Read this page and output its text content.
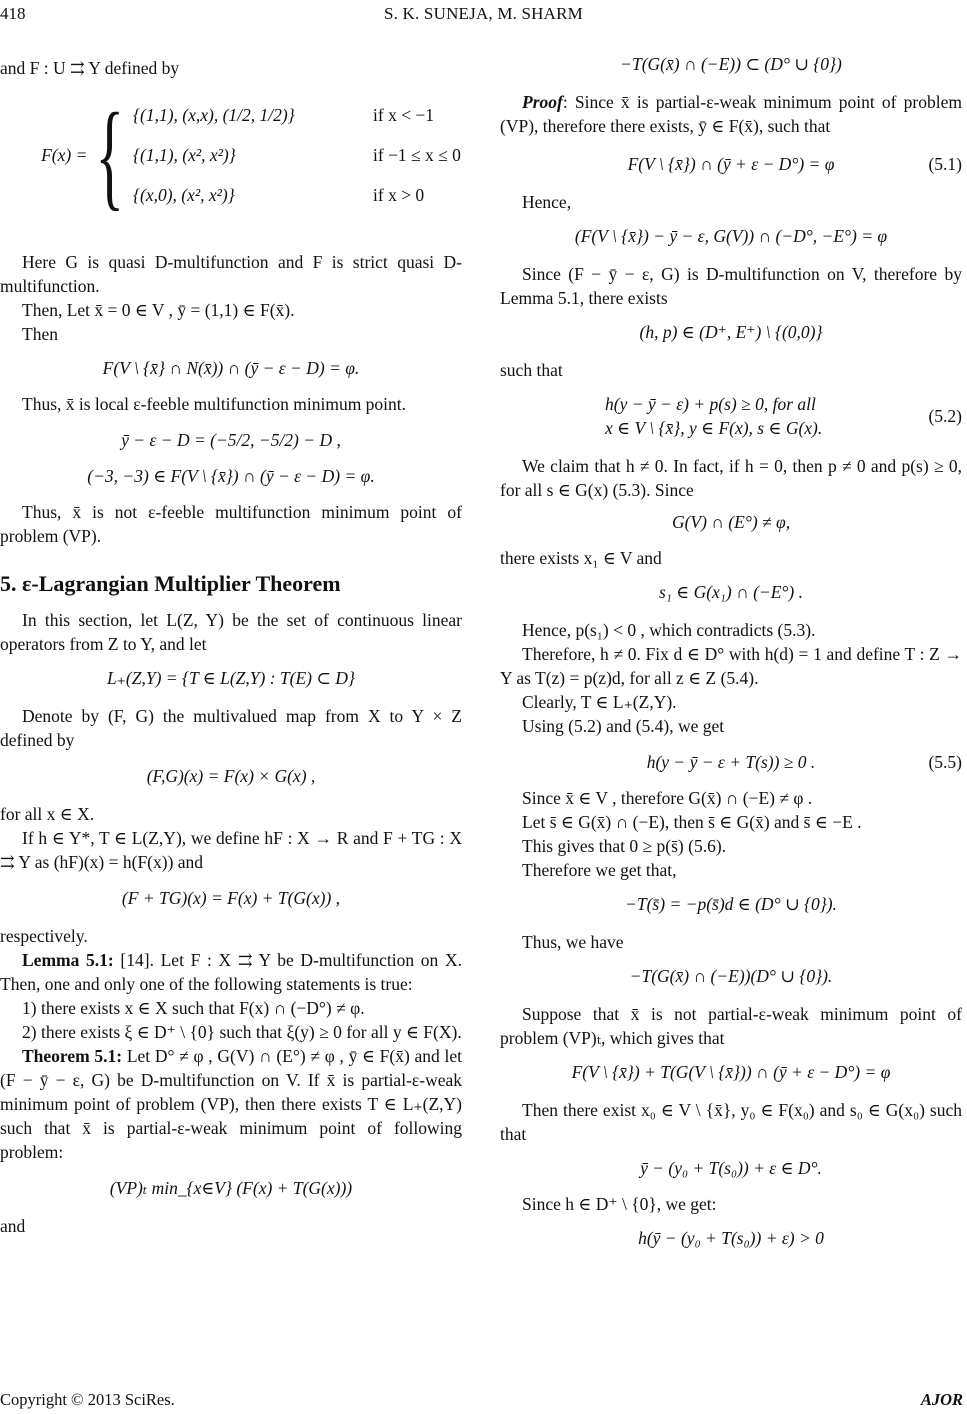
418	S. K. SUNEJA, M. SHARM

and F : U ⇉ Y defined by

F(x) = { {(1,1), (x,x), (1/2, 1/2)}	if x < −1
{(1,1), (x², x²)}	if −1 ≤ x ≤ 0
{(x,0), (x², x²)}	if x > 0

Here G is quasi D-multifunction and F is strict quasi D-multifunction.

Then, Let x̄ = 0 ∈ V , ȳ = (1,1) ∈ F(x̄).

Then

F(V \ {x̄} ∩ N(x̄)) ∩ (ȳ − ε − D) = φ.

Thus, x̄ is local ε-feeble multifunction minimum point.

ȳ − ε − D = (−5/2, −5/2) − D ,

(−3, −3) ∈ F(V \ {x̄}) ∩ (ȳ − ε − D) = φ.

Thus, x̄ is not ε-feeble multifunction minimum point of problem (VP).

5. ε-Lagrangian Multiplier Theorem

In this section, let L(Z, Y) be the set of continuous linear operators from Z to Y, and let

L₊(Z,Y) = {T ∈ L(Z,Y) : T(E) ⊂ D}

Denote by (F, G) the multivalued map from X to Y × Z defined by

(F,G)(x) = F(x) × G(x) ,

for all x ∈ X.

If h ∈ Y*, T ∈ L(Z,Y), we define hF : X → R and F + TG : X ⇉ Y as (hF)(x) = h(F(x)) and

(F + TG)(x) = F(x) + T(G(x)) ,

respectively.

Lemma 5.1: [14]. Let F : X ⇉ Y be D-multifunction on X. Then, one and only one of the following statements is true:

1) there exists x ∈ X such that F(x) ∩ (−D°) ≠ φ.

2) there exists ξ ∈ D⁺ \ {0} such that ξ(y) ≥ 0 for all y ∈ F(X).

Theorem 5.1: Let D° ≠ φ , G(V) ∩ (E°) ≠ φ , ȳ ∈ F(x̄) and let (F − ȳ − ε, G) be D-multifunction on V. If x̄ is partial-ε-weak minimum point of problem (VP), then there exists T ∈ L₊(Z,Y) such that x̄ is partial-ε-weak minimum point of following problem:

(VP)ₜ min_{x∈V} (F(x) + T(G(x)))

and

−T(G(x̄) ∩ (−E)) ⊂ (D° ∪ {0})

Proof: Since x̄ is partial-ε-weak minimum point of problem (VP), therefore there exists, ȳ ∈ F(x̄), such that

F(V \ {x̄}) ∩ (ȳ + ε − D°) = φ	(5.1)

Hence,

(F(V \ {x̄}) − ȳ − ε, G(V)) ∩ (−D°, −E°) = φ

Since (F − ȳ − ε, G) is D-multifunction on V, therefore by Lemma 5.1, there exists

(h, p) ∈ (D⁺, E⁺) \ {(0,0)}

such that

h(y − ȳ − ε) + p(s) ≥ 0, for all
x ∈ V \ {x̄}, y ∈ F(x), s ∈ G(x).
(5.2)

We claim that h ≠ 0. In fact, if h = 0, then p ≠ 0 and p(s) ≥ 0, for all s ∈ G(x) (5.3). Since

G(V) ∩ (E°) ≠ φ,

there exists x₁ ∈ V and

s₁ ∈ G(x₁) ∩ (−E°) .

Hence, p(s₁) < 0 , which contradicts (5.3).

Therefore, h ≠ 0. Fix d ∈ D° with h(d) = 1 and define T : Z → Y as T(z) = p(z)d, for all z ∈ Z (5.4).

Clearly, T ∈ L₊(Z,Y).

Using (5.2) and (5.4), we get

h(y − ȳ − ε + T(s)) ≥ 0 .	(5.5)

Since x̄ ∈ V , therefore G(x̄) ∩ (−E) ≠ φ .

Let s̄ ∈ G(x̄) ∩ (−E), then s̄ ∈ G(x̄) and s̄ ∈ −E .

This gives that 0 ≥ p(s̄) (5.6).

Therefore we get that,

−T(s̄) = −p(s̄)d ∈ (D° ∪ {0}).

Thus, we have

−T(G(x̄) ∩ (−E))(D° ∪ {0}).

Suppose that x̄ is not partial-ε-weak minimum point of problem (VP)ₜ, which gives that

F(V \ {x̄}) + T(G(V \ {x̄})) ∩ (ȳ + ε − D°) = φ

Then there exist x₀ ∈ V \ {x̄}, y₀ ∈ F(x₀) and s₀ ∈ G(x₀) such that

ȳ − (y₀ + T(s₀)) + ε ∈ D°.

Since h ∈ D⁺ \ {0}, we get:

h(ȳ − (y₀ + T(s₀)) + ε) > 0

Copyright © 2013 SciRes.	AJOR
